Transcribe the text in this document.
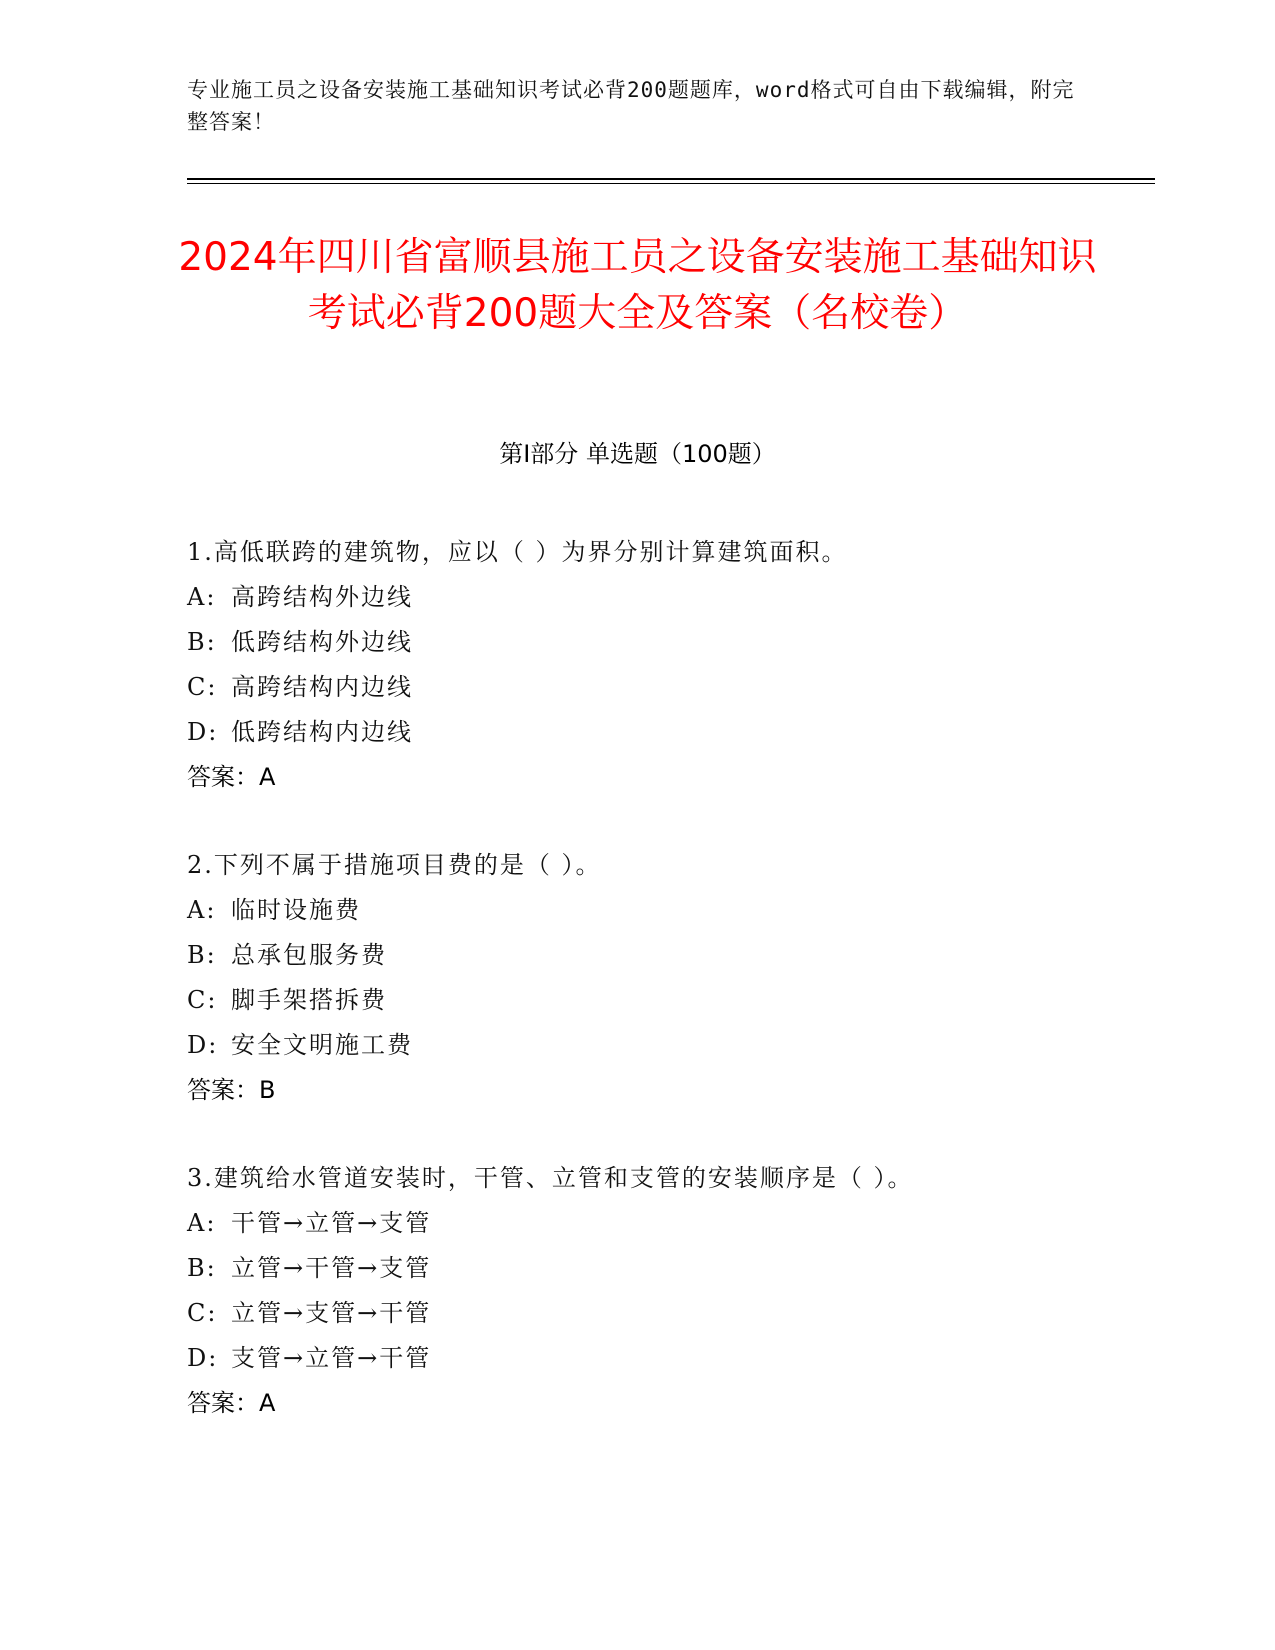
专业施工员之设备安装施工基础知识考试必背200题题库，word格式可自由下载编辑，附完整答案！
2024年四川省富顺县施工员之设备安装施工基础知识考试必背200题大全及答案（名校卷）
第Ⅰ部分 单选题（100题）
1.高低联跨的建筑物，应以（ ）为界分别计算建筑面积。
A: 高跨结构外边线
B: 低跨结构外边线
C: 高跨结构内边线
D: 低跨结构内边线
答案：A
2.下列不属于措施项目费的是（ ）。
A: 临时设施费
B: 总承包服务费
C: 脚手架搭拆费
D: 安全文明施工费
答案：B
3.建筑给水管道安装时，干管、立管和支管的安装顺序是（ ）。
A: 干管→立管→支管
B: 立管→干管→支管
C: 立管→支管→干管
D: 支管→立管→干管
答案：A
